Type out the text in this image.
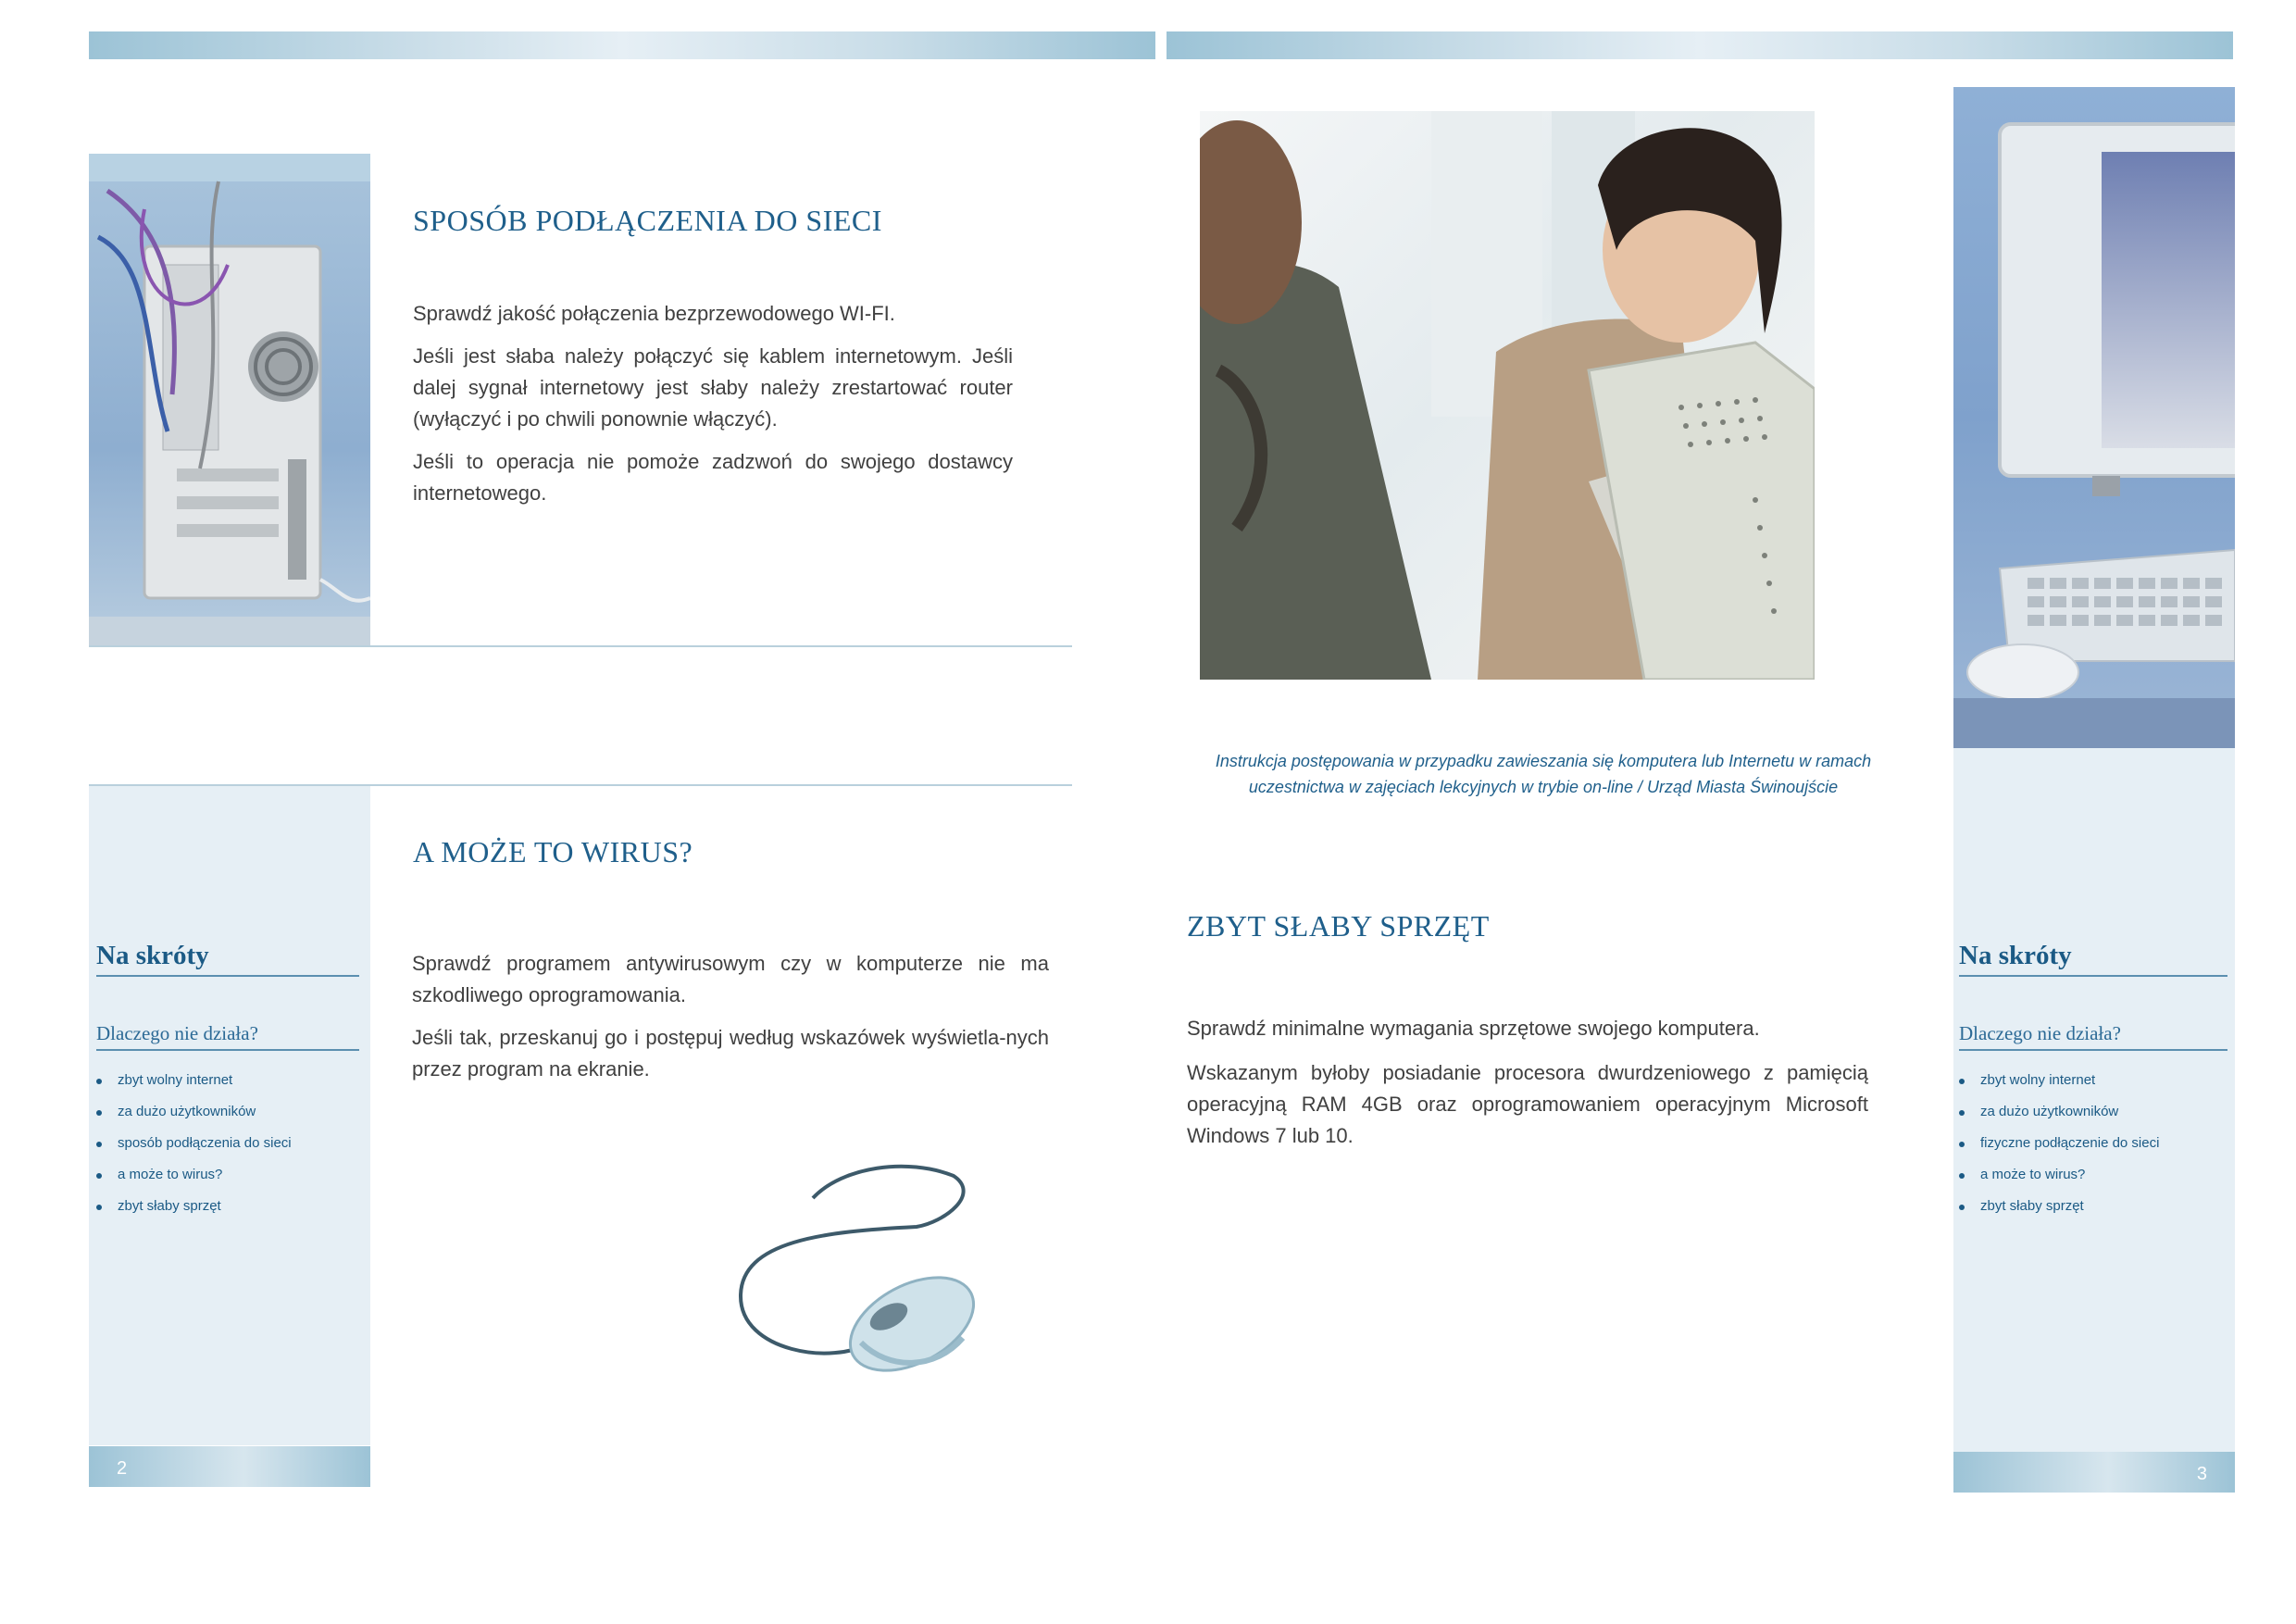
SPOSÓB PODŁĄCZENIA DO SIECI

Sprawdź jakość połączenia bezprzewodowego WI-FI.

Jeśli jest słaba należy połączyć się kablem internetowym. Jeśli dalej sygnał internetowy jest słaby należy zrestartować router (wyłączyć i po chwili ponownie włączyć).

Jeśli to operacja nie pomoże zadzwoń do swojego dostawcy internetowego.

Na skróty
Dlaczego nie działa?
zbyt wolny internet
za dużo użytkowników
sposób podłączenia do sieci
a może to wirus?
zbyt słaby sprzęt
2
A MOŻE TO WIRUS?

Sprawdź programem antywirusowym czy w komputerze nie ma szkodliwego oprogramowania.

Jeśli tak, przeskanuj go i postępuj według wskazówek wyświetla-nych przez program na ekranie.

Instrukcja postępowania w przypadku zawieszania się komputera lub Internetu w ramach uczestnictwa w zajęciach lekcyjnych w trybie on-line / Urząd Miasta Świnoujście
ZBYT SŁABY SPRZĘT

Sprawdź minimalne wymagania sprzętowe swojego komputera.

Wskazanym byłoby posiadanie procesora dwurdzeniowego z pamięcią operacyjną RAM 4GB oraz oprogramowaniem operacyjnym Microsoft Windows 7 lub 10.

Na skróty
Dlaczego nie działa?
zbyt wolny internet
za dużo użytkowników
fizyczne podłączenie do sieci
a może to wirus?
zbyt słaby sprzęt
3
